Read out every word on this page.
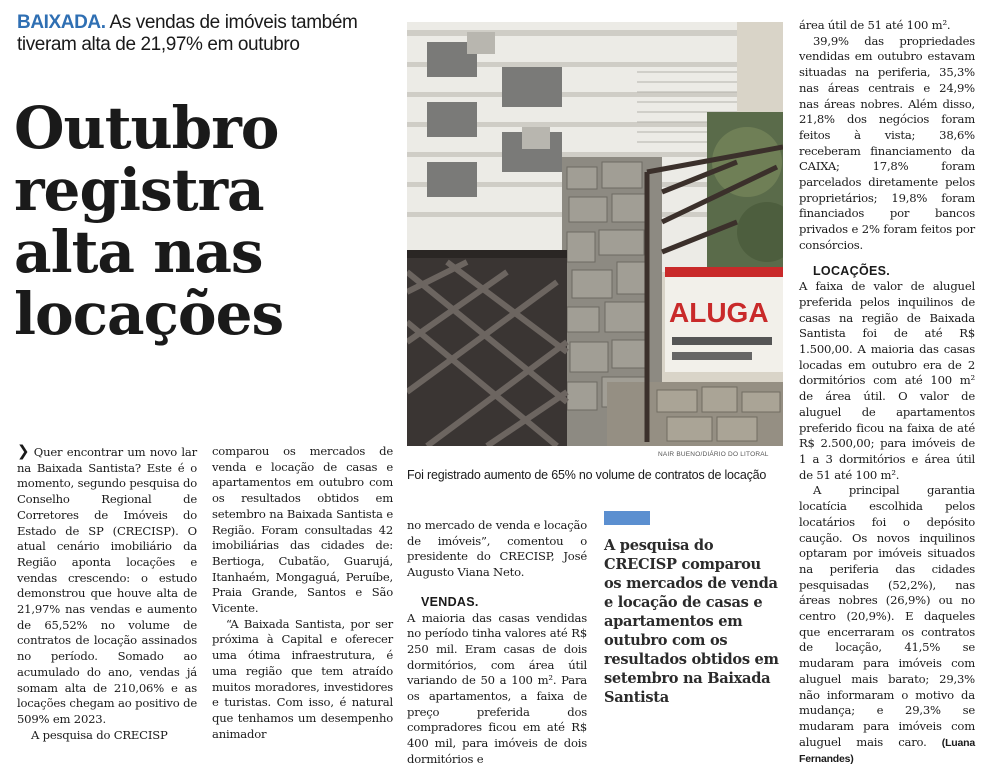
BAIXADA. As vendas de imóveis também tiveram alta de 21,97% em outubro
Outubro registra alta nas locações

❯ Quer encontrar um novo lar na Baixada Santista? Este é o momento, segundo pesquisa do Conselho Regional de Corretores de Imóveis do Estado de SP (CRECISP). O atual cenário imobiliário da Região aponta locações e vendas crescendo: o estudo demonstrou que houve alta de 21,97% nas vendas e aumento de 65,52% no volume de contratos de locação assinados no período. Somado ao acumulado do ano, vendas já somam alta de 210,06% e as locações chegam ao positivo de 509% em 2023.

A pesquisa do CRECISP

comparou os mercados de venda e locação de casas e apartamentos em outubro com os resultados obtidos em setembro na Baixada Santista e Região. Foram consultadas 42 imobiliárias das cidades de: Bertioga, Cubatão, Guarujá, Itanhaém, Mongaguá, Peruíbe, Praia Grande, Santos e São Vicente.

“A Baixada Santista, por ser próxima à Capital e oferecer uma ótima infraestrutura, é uma região que tem atraído muitos moradores, investidores e turistas. Com isso, é natural que tenhamos um desempenho animador

ALUGA
NAIR BUENO/DIÁRIO DO LITORAL
Foi registrado aumento de 65% no volume de contratos de locação

no mercado de venda e locação de imóveis”, comentou o presidente do CRECISP, José Augusto Viana Neto.

VENDAS.

A maioria das casas vendidas no período tinha valores até R$ 250 mil. Eram casas de dois dormitórios, com área útil variando de 50 a 100 m². Para os apartamentos, a faixa de preço preferida dos compradores ficou em até R$ 400 mil, para imóveis de dois dormitórios e

A pesquisa do CRECISP comparou os mercados de venda e locação de casas e apartamentos em outubro com os resultados obtidos em setembro na Baixada Santista

área útil de 51 até 100 m².

39,9% das propriedades vendidas em outubro estavam situadas na periferia, 35,3% nas áreas centrais e 24,9% nas áreas nobres. Além disso, 21,8% dos negócios foram feitos à vista; 38,6% receberam financiamento da CAIXA; 17,8% foram parcelados diretamente pelos proprietários; 19,8% foram financiados por bancos privados e 2% foram feitos por consórcios.

LOCAÇÕES.

A faixa de valor de aluguel preferida pelos inquilinos de casas na região de Baixada Santista foi de até R$ 1.500,00. A maioria das casas locadas em outubro era de 2 dormitórios com até 100 m² de área útil. O valor de aluguel de apartamentos preferido ficou na faixa de até R$ 2.500,00; para imóveis de 1 a 3 dormitórios e área útil de 51 até 100 m².

A principal garantia locatícia escolhida pelos locatários foi o depósito caução. Os novos inquilinos optaram por imóveis situados na periferia das cidades pesquisadas (52,2%), nas áreas nobres (26,9%) ou no centro (20,9%). E daqueles que encerraram os contratos de locação, 41,5% se mudaram para imóveis com aluguel mais barato; 29,3% não informaram o motivo da mudança; e 29,3% se mudaram para imóveis com aluguel mais caro. (Luana Fernandes)
